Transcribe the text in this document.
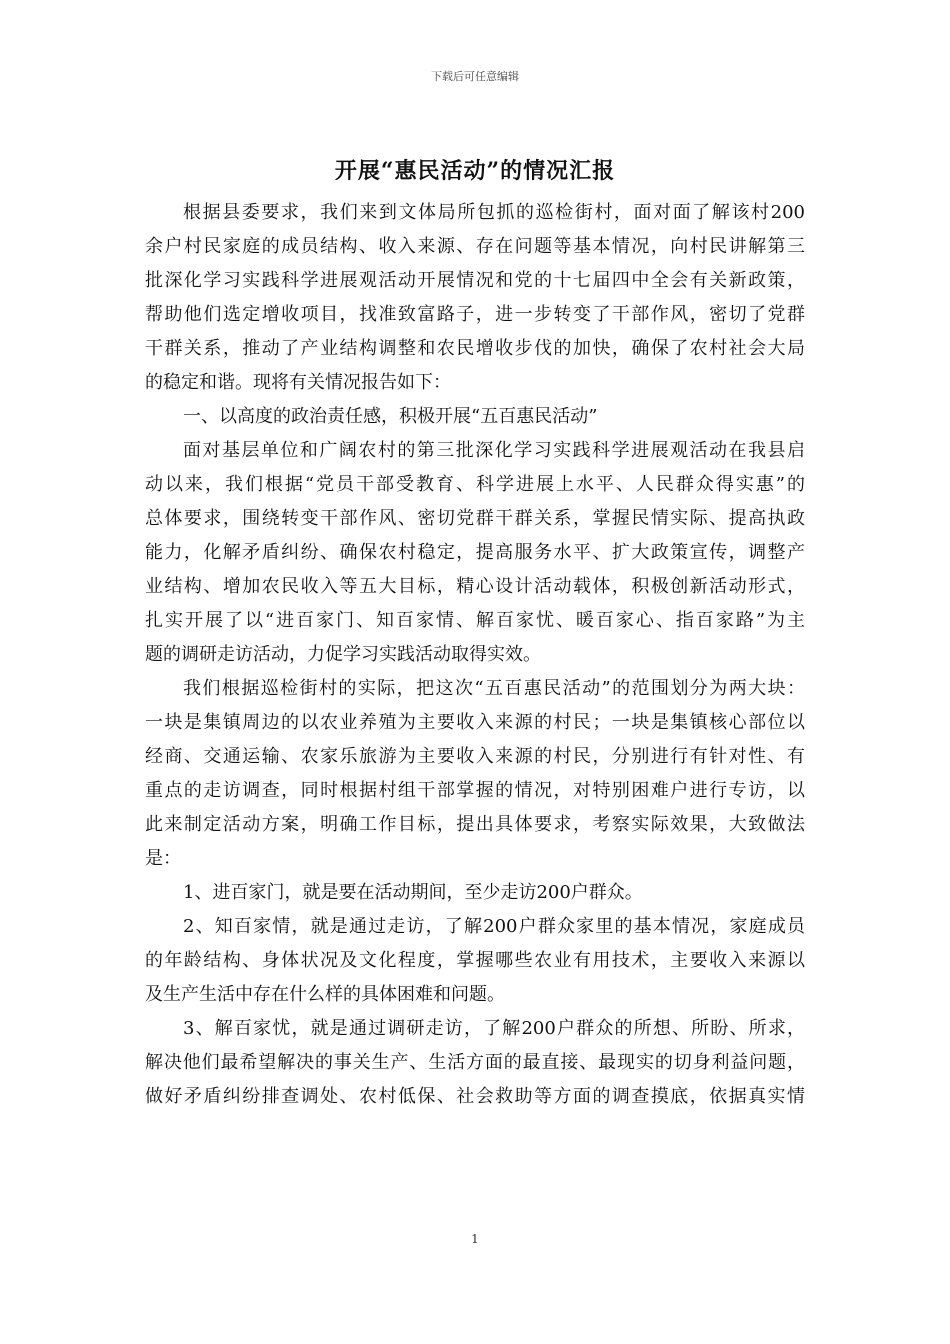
下载后可任意编辑
开展“惠民活动”的情况汇报
根据县委要求，我们来到文体局所包抓的巡检街村，面对面了解该村200
余户村民家庭的成员结构、收入来源、存在问题等基本情况，向村民讲解第三
批深化学习实践科学进展观活动开展情况和党的十七届四中全会有关新政策，
帮助他们选定增收项目，找准致富路子，进一步转变了干部作风，密切了党群
干群关系，推动了产业结构调整和农民增收步伐的加快，确保了农村社会大局
的稳定和谐。现将有关情况报告如下：
一、以高度的政治责任感，积极开展“五百惠民活动”
面对基层单位和广阔农村的第三批深化学习实践科学进展观活动在我县启
动以来，我们根据“党员干部受教育、科学进展上水平、人民群众得实惠”的
总体要求，围绕转变干部作风、密切党群干群关系，掌握民情实际、提高执政
能力，化解矛盾纠纷、确保农村稳定，提高服务水平、扩大政策宣传，调整产
业结构、增加农民收入等五大目标，精心设计活动载体，积极创新活动形式，
扎实开展了以“进百家门、知百家情、解百家忧、暖百家心、指百家路”为主
题的调研走访活动，力促学习实践活动取得实效。
我们根据巡检街村的实际，把这次“五百惠民活动”的范围划分为两大块：
一块是集镇周边的以农业养殖为主要收入来源的村民；一块是集镇核心部位以
经商、交通运输、农家乐旅游为主要收入来源的村民，分别进行有针对性、有
重点的走访调查，同时根据村组干部掌握的情况，对特别困难户进行专访，以
此来制定活动方案，明确工作目标，提出具体要求，考察实际效果，大致做法
是：
1、进百家门，就是要在活动期间，至少走访200户群众。
2、知百家情，就是通过走访，了解200户群众家里的基本情况，家庭成员
的年龄结构、身体状况及文化程度，掌握哪些农业有用技术，主要收入来源以
及生产生活中存在什么样的具体困难和问题。
3、解百家忧，就是通过调研走访，了解200户群众的所想、所盼、所求，
解决他们最希望解决的事关生产、生活方面的最直接、最现实的切身利益问题，
做好矛盾纠纷排查调处、农村低保、社会救助等方面的调查摸底，依据真实情
1
